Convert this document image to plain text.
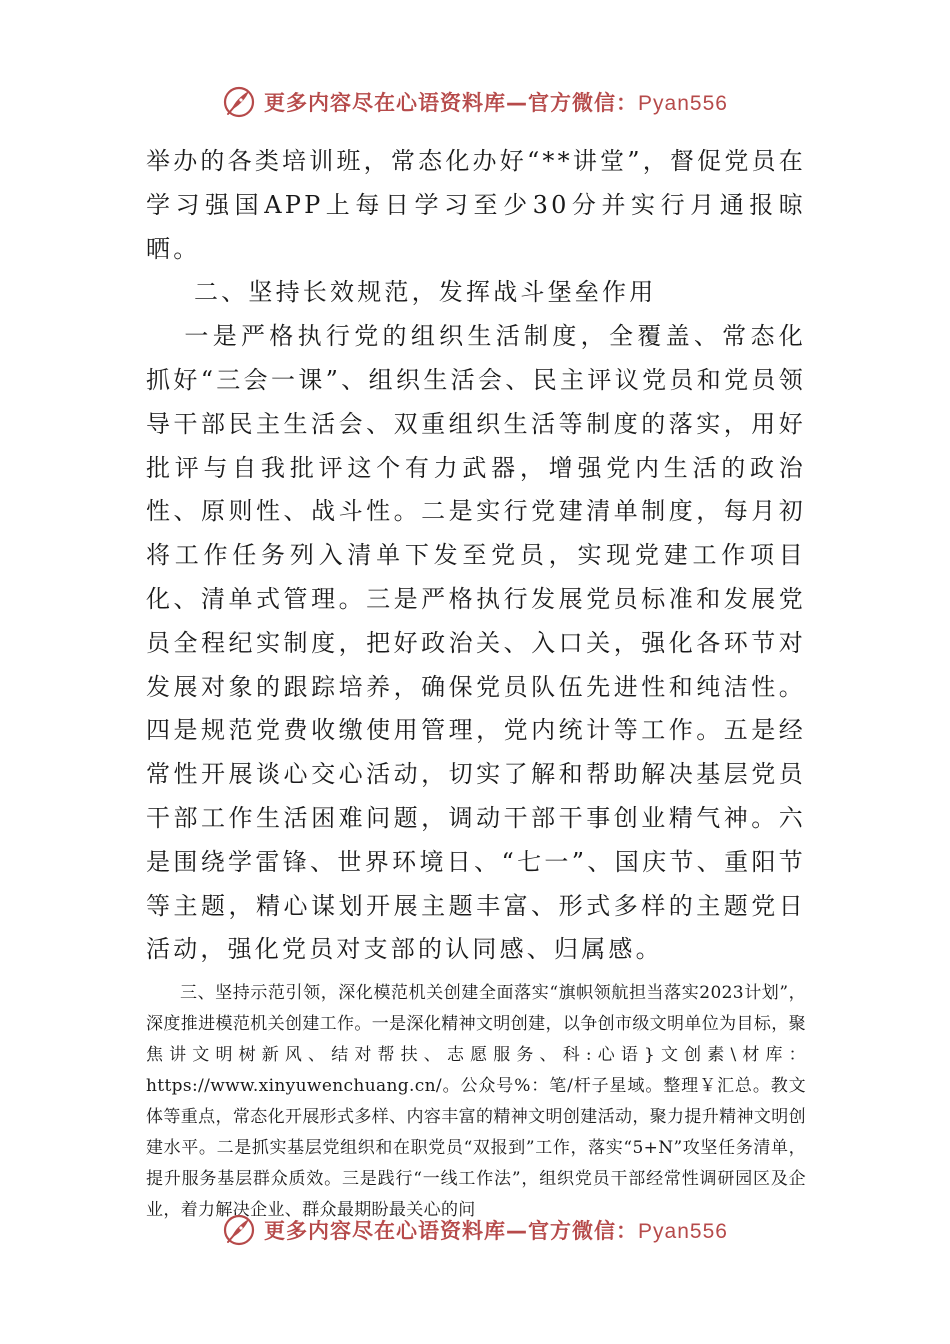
更多内容尽在心语资料库—官方微信：Pyan556

举办的各类培训班，常态化办好“**讲堂”，督促党员在学习强国APP上每日学习至少30分并实行月通报晾晒。

二、坚持长效规范，发挥战斗堡垒作用

一是严格执行党的组织生活制度，全覆盖、常态化抓好“三会一课”、组织生活会、民主评议党员和党员领导干部民主生活会、双重组织生活等制度的落实，用好批评与自我批评这个有力武器，增强党内生活的政治性、原则性、战斗性。二是实行党建清单制度，每月初将工作任务列入清单下发至党员，实现党建工作项目化、清单式管理。三是严格执行发展党员标准和发展党员全程纪实制度，把好政治关、入口关，强化各环节对发展对象的跟踪培养，确保党员队伍先进性和纯洁性。四是规范党费收缴使用管理，党内统计等工作。五是经常性开展谈心交心活动，切实了解和帮助解决基层党员干部工作生活困难问题，调动干部干事创业精气神。六是围绕学雷锋、世界环境日、“七一”、国庆节、重阳节等主题，精心谋划开展主题丰富、形式多样的主题党日活动，强化党员对支部的认同感、归属感。

三、坚持示范引领，深化模范机关创建全面落实“旗帜领航担当落实2023计划”，深度推进模范机关创建工作。一是深化精神文明创建，以争创市级文明单位为目标，聚焦讲文明树新风、结对帮扶、志愿服务、科:心语}文创素\材库：https://www.xinyuwenchuang.cn/。公众号%：笔/杆子星域。整理￥汇总。教文体等重点，常态化开展形式多样、内容丰富的精神文明创建活动，聚力提升精神文明创建水平。二是抓实基层党组织和在职党员“双报到”工作，落实“5+N”攻坚任务清单，提升服务基层群众质效。三是践行“一线工作法”，组织党员干部经常性调研园区及企业，着力解决企业、群众最期盼最关心的问

更多内容尽在心语资料库—官方微信：Pyan556
